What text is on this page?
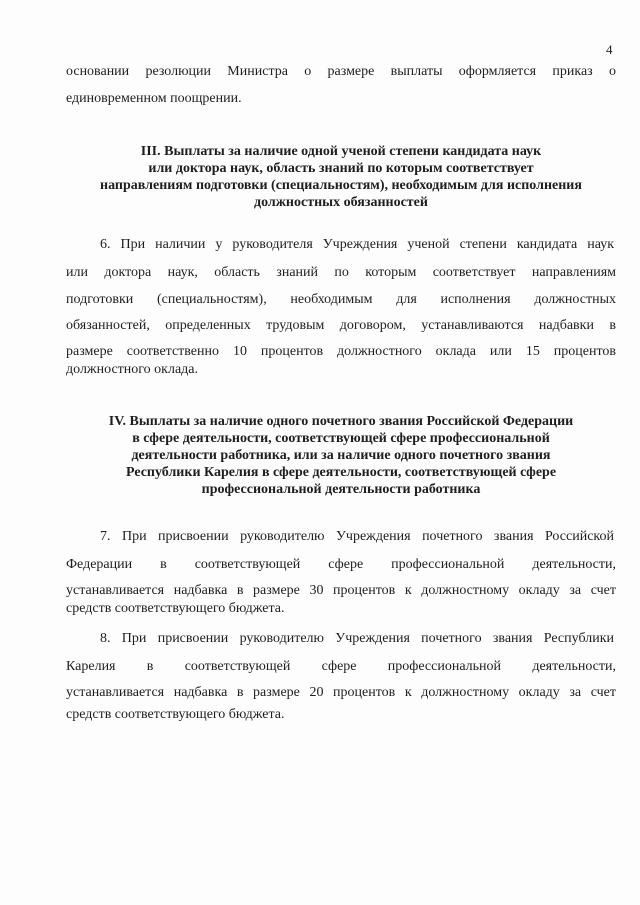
4
основании резолюции Министра о размере выплаты оформляется приказ о
единовременном поощрении.
III. Выплаты за наличие одной ученой степени кандидата наук
или доктора наук, область знаний по которым соответствует
направлениям подготовки (специальностям), необходимым для исполнения
должностных обязанностей
6. При наличии у руководителя Учреждения ученой степени кандидата наук
или доктора наук, область знаний по которым соответствует направлениям
подготовки (специальностям), необходимым для исполнения должностных
обязанностей, определенных трудовым договором, устанавливаются надбавки в
размере соответственно 10 процентов должностного оклада или 15 процентов
должностного оклада.
IV. Выплаты за наличие одного почетного звания Российской Федерации
в сфере деятельности, соответствующей сфере профессиональной
деятельности работника, или за наличие одного почетного звания
Республики Карелия в сфере деятельности, соответствующей сфере
профессиональной деятельности работника
7. При присвоении руководителю Учреждения почетного звания Российской
Федерации в соответствующей сфере профессиональной деятельности,
устанавливается надбавка в размере 30 процентов к должностному окладу за счет
средств соответствующего бюджета.
8. При присвоении руководителю Учреждения почетного звания Республики
Карелия в соответствующей сфере профессиональной деятельности,
устанавливается надбавка в размере 20 процентов к должностному окладу за счет
средств соответствующего бюджета.
